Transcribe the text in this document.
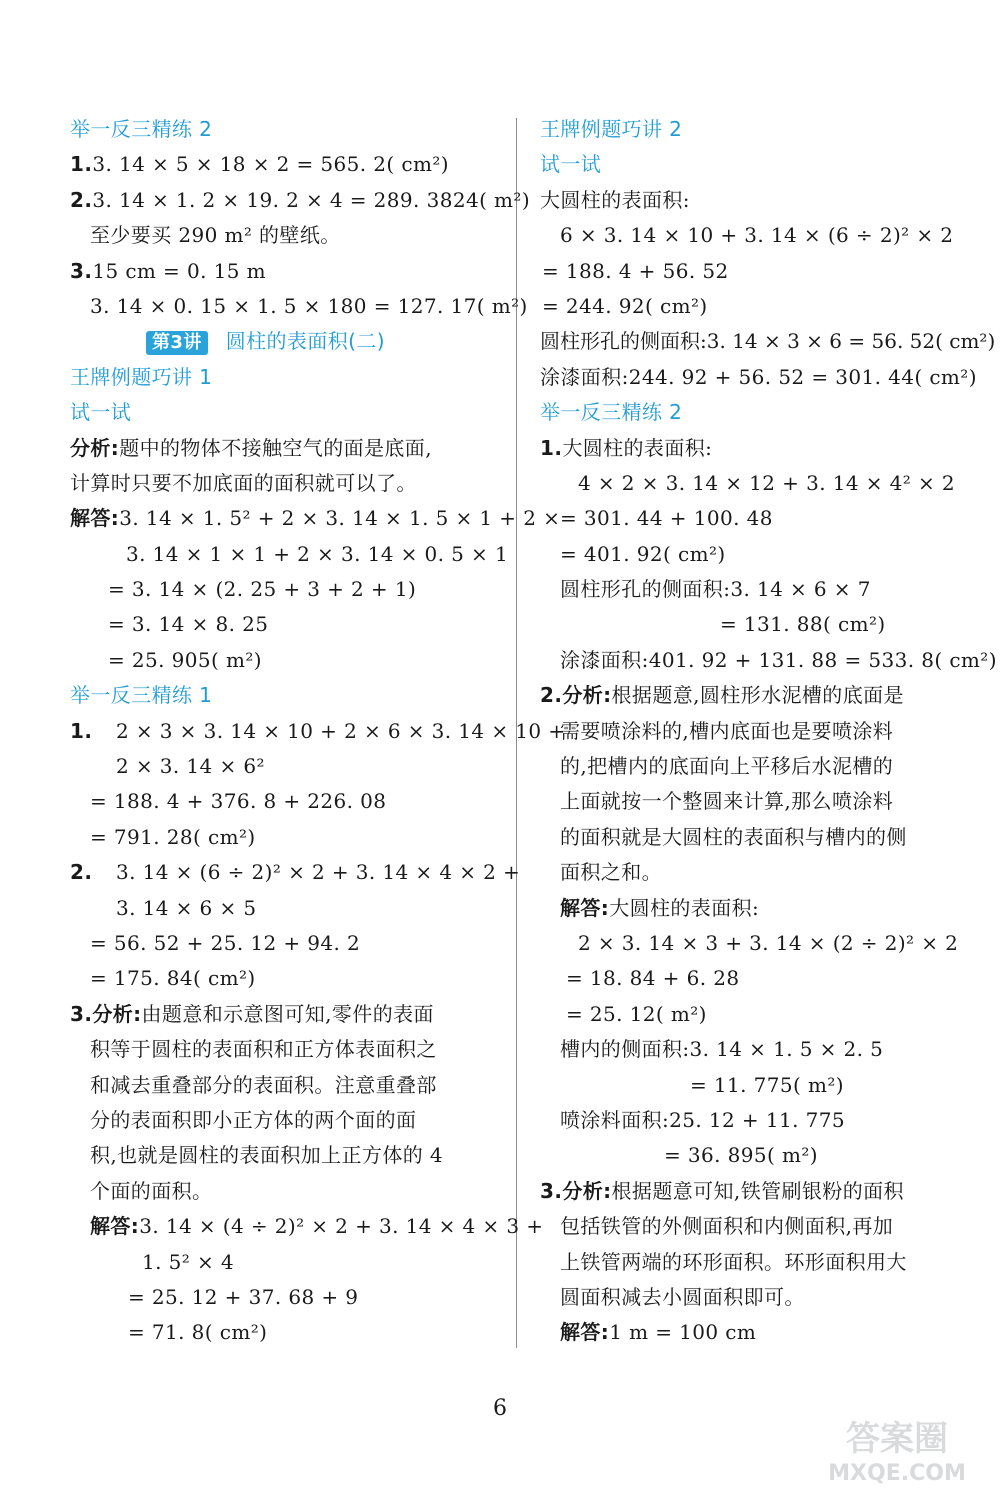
举一反三精练 2
1.3. 14 × 5 × 18 × 2 = 565. 2( cm²)
2.3. 14 × 1. 2 × 19. 2 × 4 = 289. 3824( m²)
至少要买 290 m² 的壁纸。
3.15 cm = 0. 15 m
3. 14 × 0. 15 × 1. 5 × 180 = 127. 17( m²)
第3讲 圆柱的表面积(二)
王牌例题巧讲 1
试一试
分析:题中的物体不接触空气的面是底面,
计算时只要不加底面的面积就可以了。
解答:3. 14 × 1. 5² + 2 × 3. 14 × 1. 5 × 1 + 2 ×
3. 14 × 1 × 1 + 2 × 3. 14 × 0. 5 × 1
= 3. 14 × (2. 25 + 3 + 2 + 1)
= 3. 14 × 8. 25
= 25. 905( m²)
举一反三精练 1
1. 2 × 3 × 3. 14 × 10 + 2 × 6 × 3. 14 × 10 +
2 × 3. 14 × 6²
= 188. 4 + 376. 8 + 226. 08
= 791. 28( cm²)
2. 3. 14 × (6 ÷ 2)² × 2 + 3. 14 × 4 × 2 +
3. 14 × 6 × 5
= 56. 52 + 25. 12 + 94. 2
= 175. 84( cm²)
3.分析:由题意和示意图可知,零件的表面
积等于圆柱的表面积和正方体表面积之
和减去重叠部分的表面积。注意重叠部
分的表面积即小正方体的两个面的面
积,也就是圆柱的表面积加上正方体的 4
个面的面积。
解答:3. 14 × (4 ÷ 2)² × 2 + 3. 14 × 4 × 3 +
1. 5² × 4
= 25. 12 + 37. 68 + 9
= 71. 8( cm²)
王牌例题巧讲 2
试一试
大圆柱的表面积:
6 × 3. 14 × 10 + 3. 14 × (6 ÷ 2)² × 2
= 188. 4 + 56. 52
= 244. 92( cm²)
圆柱形孔的侧面积:3. 14 × 3 × 6 = 56. 52( cm²)
涂漆面积:244. 92 + 56. 52 = 301. 44( cm²)
举一反三精练 2
1.大圆柱的表面积:
4 × 2 × 3. 14 × 12 + 3. 14 × 4² × 2
= 301. 44 + 100. 48
= 401. 92( cm²)
圆柱形孔的侧面积:3. 14 × 6 × 7
= 131. 88( cm²)
涂漆面积:401. 92 + 131. 88 = 533. 8( cm²)
2.分析:根据题意,圆柱形水泥槽的底面是
需要喷涂料的,槽内底面也是要喷涂料
的,把槽内的底面向上平移后水泥槽的
上面就按一个整圆来计算,那么喷涂料
的面积就是大圆柱的表面积与槽内的侧
面积之和。
解答:大圆柱的表面积:
2 × 3. 14 × 3 + 3. 14 × (2 ÷ 2)² × 2
= 18. 84 + 6. 28
= 25. 12( m²)
槽内的侧面积:3. 14 × 1. 5 × 2. 5
= 11. 775( m²)
喷涂料面积:25. 12 + 11. 775
= 36. 895( m²)
3.分析:根据题意可知,铁管刷银粉的面积
包括铁管的外侧面积和内侧面积,再加
上铁管两端的环形面积。环形面积用大
圆面积减去小圆面积即可。
解答:1 m = 100 cm
6
答案圈
MXQE.COM
